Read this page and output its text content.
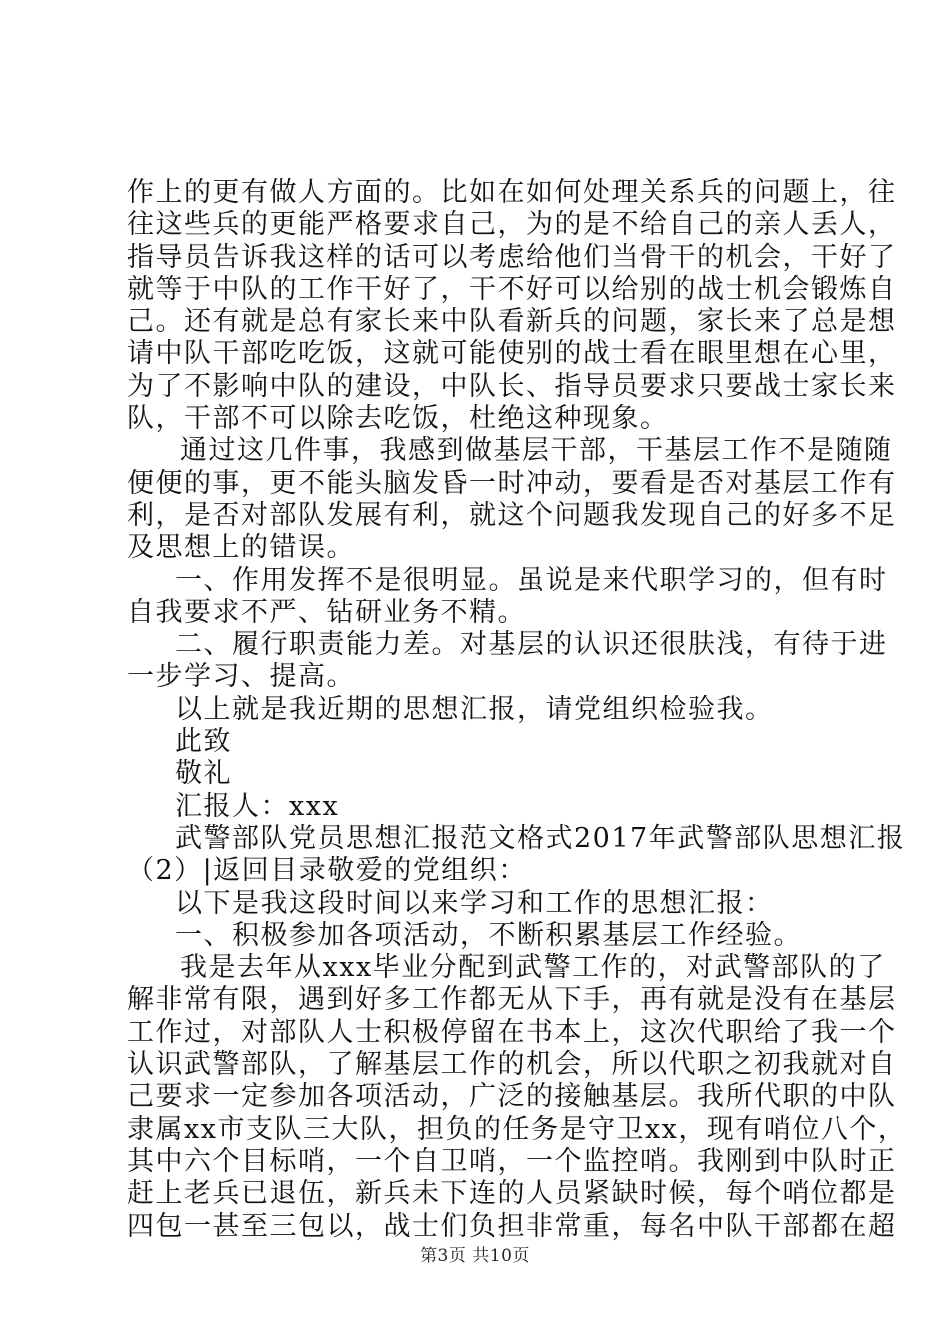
作上的更有做人方面的。比如在如何处理关系兵的问题上，往
往这些兵的更能严格要求自己，为的是不给自己的亲人丢人，
指导员告诉我这样的话可以考虑给他们当骨干的机会，干好了
就等于中队的工作干好了，干不好可以给别的战士机会锻炼自
己。还有就是总有家长来中队看新兵的问题，家长来了总是想
请中队干部吃吃饭，这就可能使别的战士看在眼里想在心里，
为了不影响中队的建设，中队长、指导员要求只要战士家长来
队，干部不可以除去吃饭，杜绝这种现象。
通过这几件事，我感到做基层干部，干基层工作不是随随
便便的事，更不能头脑发昏一时冲动，要看是否对基层工作有
利，是否对部队发展有利，就这个问题我发现自己的好多不足
及思想上的错误。
一、作用发挥不是很明显。虽说是来代职学习的，但有时
自我要求不严、钻研业务不精。
二、履行职责能力差。对基层的认识还很肤浅，有待于进
一步学习、提高。
以上就是我近期的思想汇报，请党组织检验我。
此致
敬礼
汇报人：xxx
武警部队党员思想汇报范文格式2017年武警部队思想汇报
（2）|返回目录敬爱的党组织：
以下是我这段时间以来学习和工作的思想汇报：
一、积极参加各项活动，不断积累基层工作经验。
我是去年从xxx毕业分配到武警工作的，对武警部队的了
解非常有限，遇到好多工作都无从下手，再有就是没有在基层
工作过，对部队人士积极停留在书本上，这次代职给了我一个
认识武警部队，了解基层工作的机会，所以代职之初我就对自
己要求一定参加各项活动，广泛的接触基层。我所代职的中队
隶属xx市支队三大队，担负的任务是守卫xx，现有哨位八个，
其中六个目标哨，一个自卫哨，一个监控哨。我刚到中队时正
赶上老兵已退伍，新兵未下连的人员紧缺时候，每个哨位都是
四包一甚至三包以，战士们负担非常重，每名中队干部都在超
第3页 共10页
